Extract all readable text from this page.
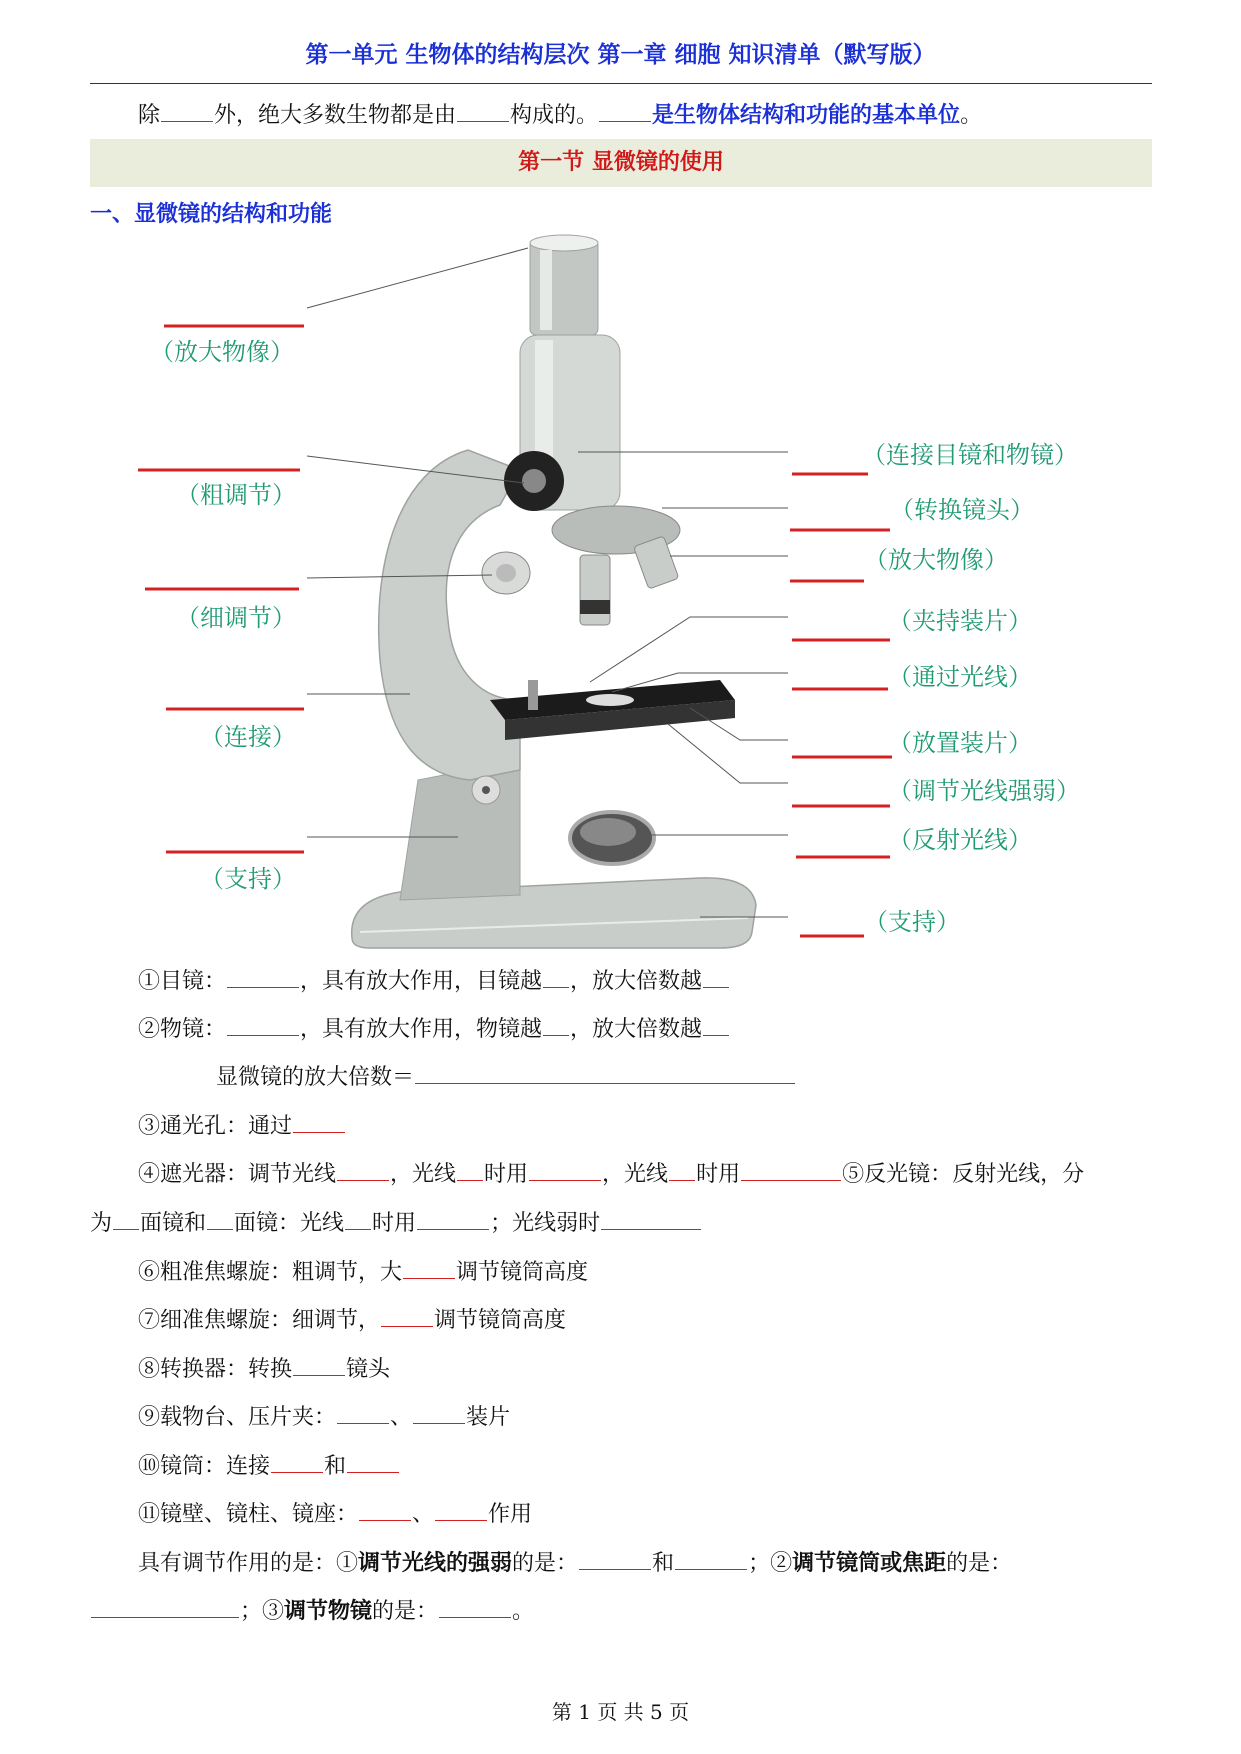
第一单元 生物体的结构层次 第一章 细胞 知识清单（默写版）
除 外，绝大多数生物都是由 构成的。 是生物体结构和功能的基本单位。
第一节 显微镜的使用
一、显微镜的结构和功能
（放大物像）
（粗调节）
（细调节）
（连接）
（支持）
（连接目镜和物镜）
（转换镜头）
（放大物像）
（夹持装片）
（通过光线）
（放置装片）
（调节光线强弱）
（反射光线）
（支持）
①目镜：	，具有放大作用，目镜越 ，放大倍数越
②物镜：	，具有放大作用，物镜越 ，放大倍数越
显微镜的放大倍数＝
③通光孔：通过
④遮光器：调节光线 ，光线 时用	，光线 时用	⑤反光镜：反射光线，分
为 面镜和 面镜：光线 时用	；光线弱时
⑥粗准焦螺旋：粗调节，大 调节镜筒高度
⑦细准焦螺旋：细调节， 调节镜筒高度
⑧转换器：转换 镜头
⑨载物台、压片夹： 、 装片
⑩镜筒：连接 和
⑪镜壁、镜柱、镜座： 、 作用
具有调节作用的是：①调节光线的强弱的是：	和	；②调节镜筒或焦距的是：
；③调节物镜的是：	。
第 1 页 共 5 页
